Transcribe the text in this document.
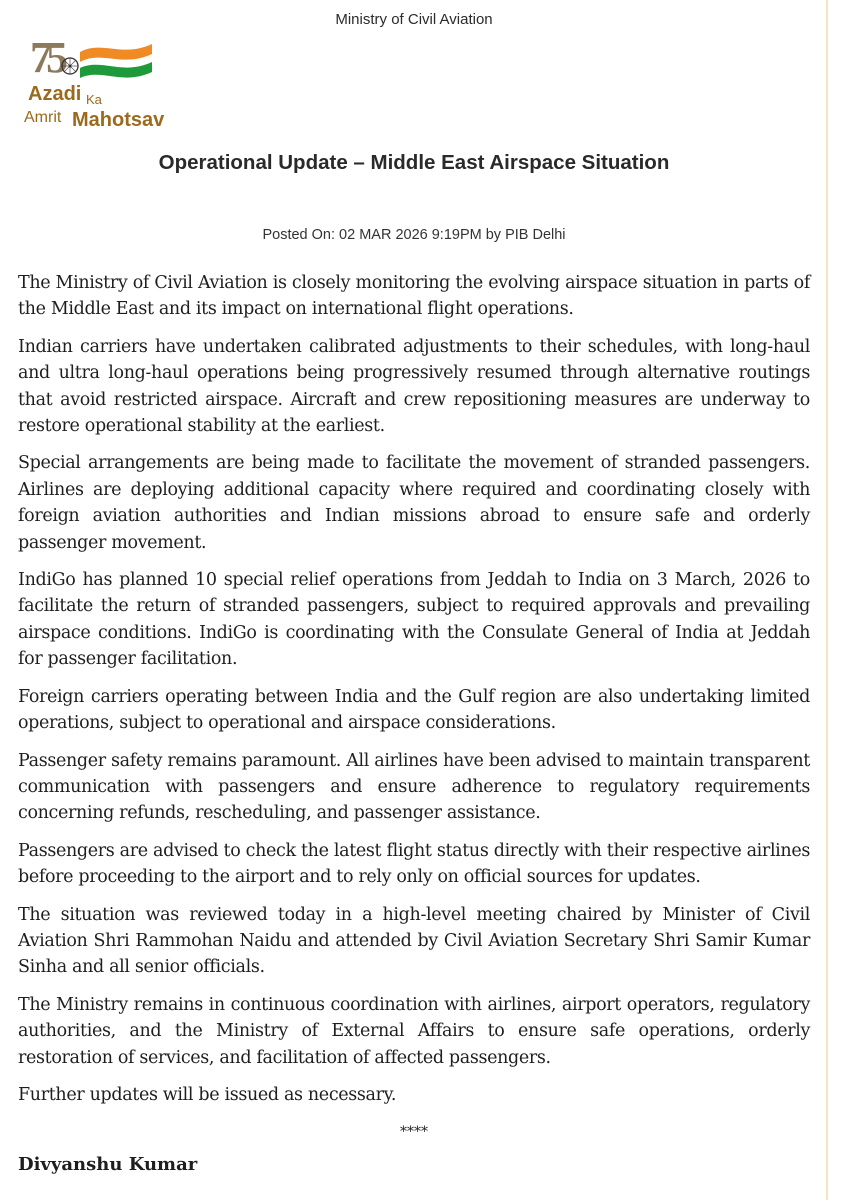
Ministry of Civil Aviation
75
Azadi Ka
Amrit Mahotsav
Operational Update – Middle East Airspace Situation
Posted On: 02 MAR 2026 9:19PM by PIB Delhi

The Ministry of Civil Aviation is closely monitoring the evolving airspace situation in parts of the Middle East and its impact on international flight operations.

Indian carriers have undertaken calibrated adjustments to their schedules, with long-haul and ultra long-haul operations being progressively resumed through alternative routings that avoid restricted airspace. Aircraft and crew repositioning measures are underway to restore operational stability at the earliest.

Special arrangements are being made to facilitate the movement of stranded passengers. Airlines are deploying additional capacity where required and coordinating closely with foreign aviation authorities and Indian missions abroad to ensure safe and orderly passenger movement.

IndiGo has planned 10 special relief operations from Jeddah to India on 3 March, 2026 to facilitate the return of stranded passengers, subject to required approvals and prevailing airspace conditions. IndiGo is coordinating with the Consulate General of India at Jeddah for passenger facilitation.

Foreign carriers operating between India and the Gulf region are also undertaking limited operations, subject to operational and airspace considerations.

Passenger safety remains paramount. All airlines have been advised to maintain transparent communication with passengers and ensure adherence to regulatory requirements concerning refunds, rescheduling, and passenger assistance.

Passengers are advised to check the latest flight status directly with their respective airlines before proceeding to the airport and to rely only on official sources for updates.

The situation was reviewed today in a high-level meeting chaired by Minister of Civil Aviation Shri Rammohan Naidu and attended by Civil Aviation Secretary Shri Samir Kumar Sinha and all senior officials.

The Ministry remains in continuous coordination with airlines, airport operators, regulatory authorities, and the Ministry of External Affairs to ensure safe operations, orderly restoration of services, and facilitation of affected passengers.

Further updates will be issued as necessary.

****
Divyanshu Kumar
